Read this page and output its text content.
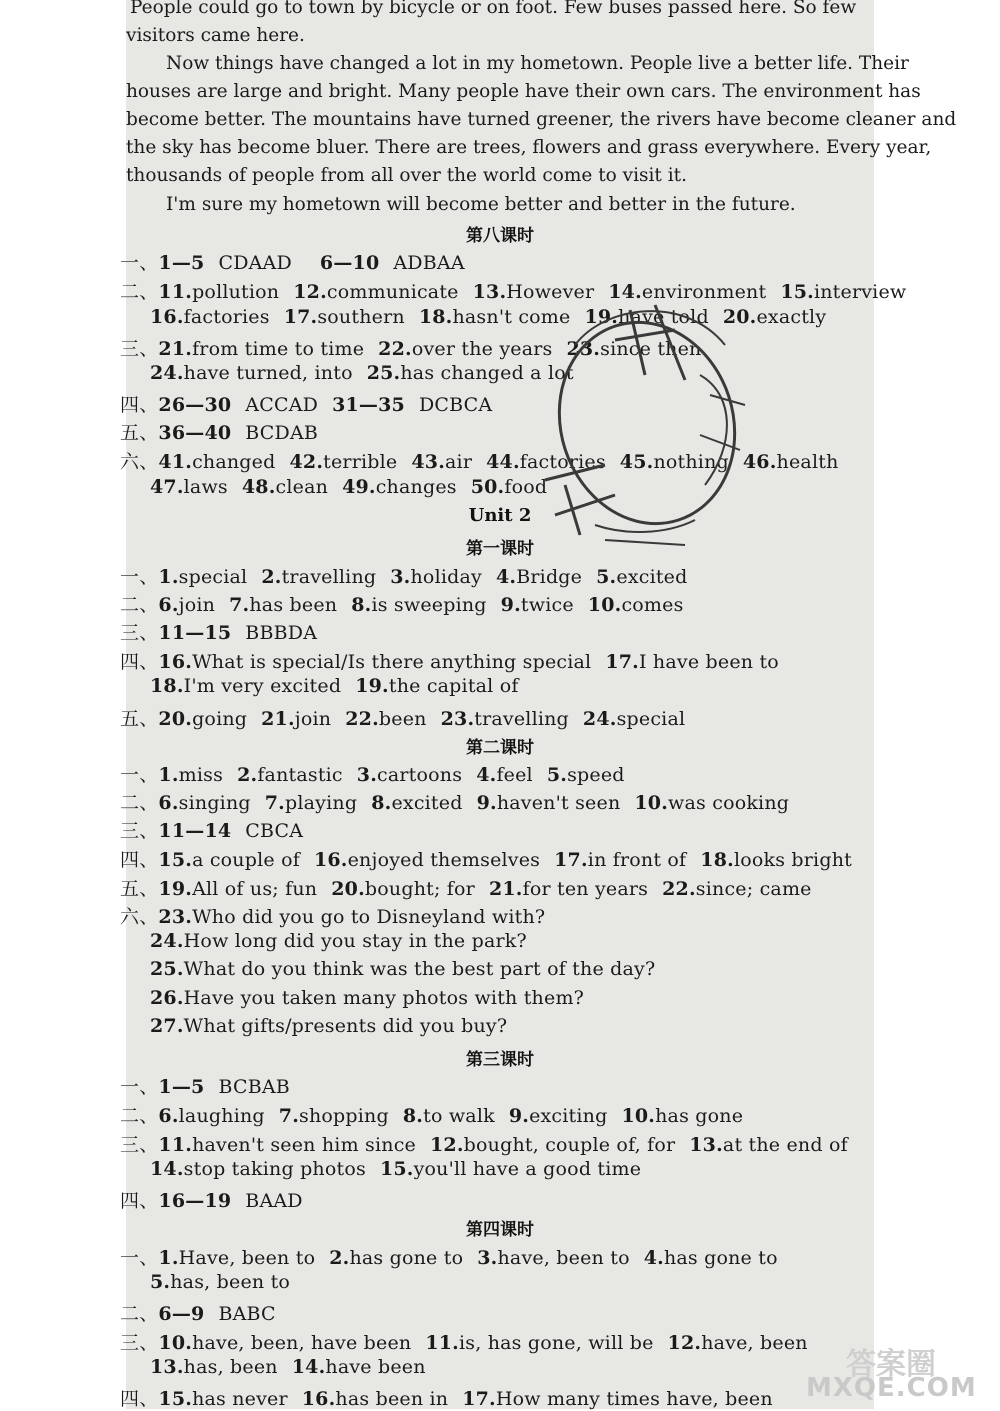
People could go to town by bicycle or on foot. Few buses passed here. So few
visitors came here.
Now things have changed a lot in my hometown. People live a better life. Their
houses are large and bright. Many people have their own cars. The environment has
become better. The mountains have turned greener, the rivers have become cleaner and
the sky has become bluer. There are trees, flowers and grass everywhere. Every year,
thousands of people from all over the world come to visit it.
I'm sure my hometown will become better and better in the future.
第八课时
一、1—5 CDAAD 6—10 ADBAA
二、11.pollution 12.communicate 13.However 14.environment 15.interview
16.factories 17.southern 18.hasn't come 19.have told 20.exactly
三、21.from time to time 22.over the years 23.since then
24.have turned, into 25.has changed a lot
四、26—30 ACCAD 31—35 DCBCA
五、36—40 BCDAB
六、41.changed 42.terrible 43.air 44.factories 45.nothing 46.health
47.laws 48.clean 49.changes 50.food
Unit 2
第一课时
一、1.special 2.travelling 3.holiday 4.Bridge 5.excited
二、6.join 7.has been 8.is sweeping 9.twice 10.comes
三、11—15 BBBDA
四、16.What is special/Is there anything special 17.I have been to
18.I'm very excited 19.the capital of
五、20.going 21.join 22.been 23.travelling 24.special
第二课时
一、1.miss 2.fantastic 3.cartoons 4.feel 5.speed
二、6.singing 7.playing 8.excited 9.haven't seen 10.was cooking
三、11—14 CBCA
四、15.a couple of 16.enjoyed themselves 17.in front of 18.looks bright
五、19.All of us; fun 20.bought; for 21.for ten years 22.since; came
六、23.Who did you go to Disneyland with?
24.How long did you stay in the park?
25.What do you think was the best part of the day?
26.Have you taken many photos with them?
27.What gifts/presents did you buy?
第三课时
一、1—5 BCBAB
二、6.laughing 7.shopping 8.to walk 9.exciting 10.has gone
三、11.haven't seen him since 12.bought, couple of, for 13.at the end of
14.stop taking photos 15.you'll have a good time
四、16—19 BAAD
第四课时
一、1.Have, been to 2.has gone to 3.have, been to 4.has gone to
5.has, been to
二、6—9 BABC
三、10.have, been, have been 11.is, has gone, will be 12.have, been
13.has, been 14.have been
四、15.has never 16.has been in 17.How many times have, been
答案圈
MXQE.COM
